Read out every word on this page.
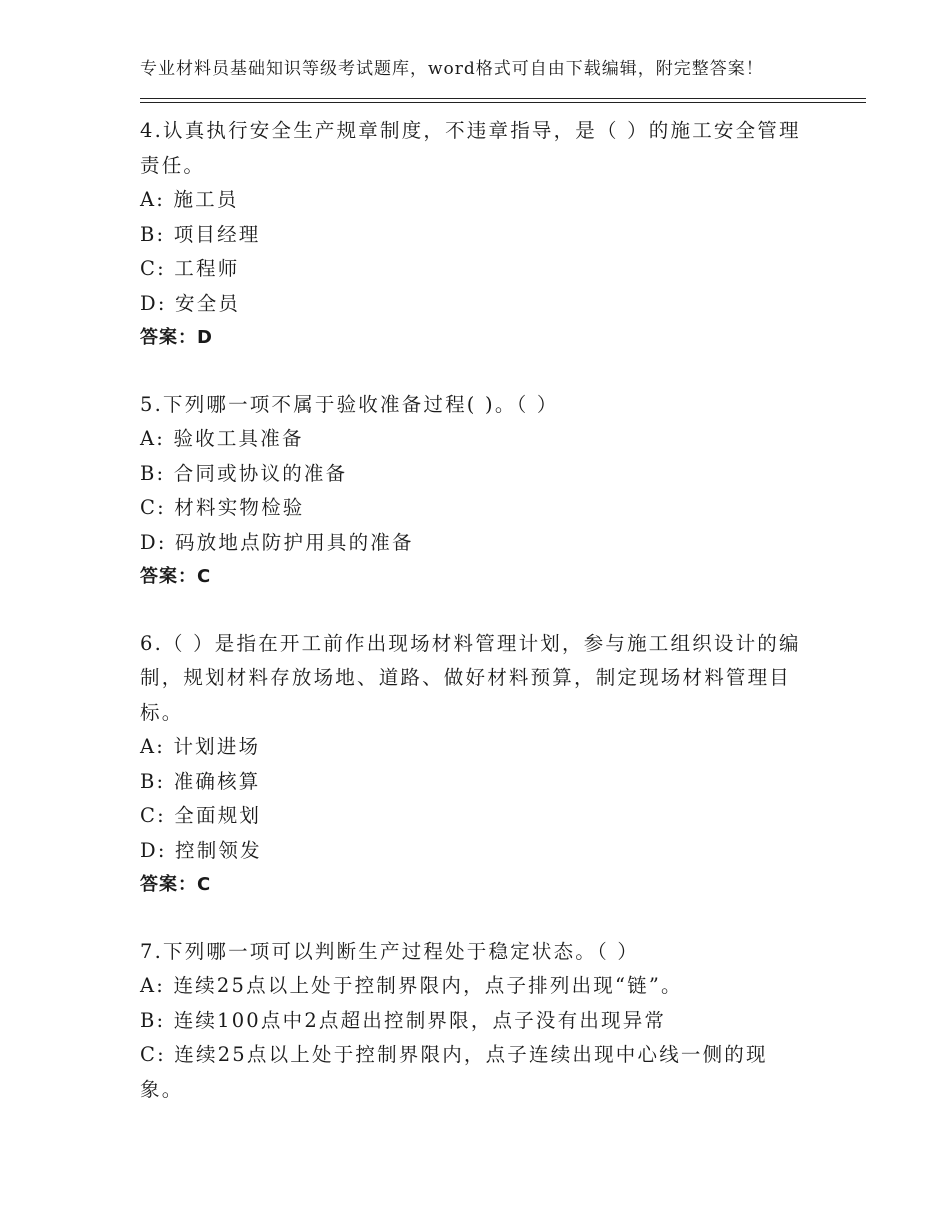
专业材料员基础知识等级考试题库，word格式可自由下载编辑，附完整答案！
4.认真执行安全生产规章制度，不违章指导，是（ ）的施工安全管理
责任。
A: 施工员
B: 项目经理
C: 工程师
D: 安全员
答案：D
5.下列哪一项不属于验收准备过程( )。（ ）
A: 验收工具准备
B: 合同或协议的准备
C: 材料实物检验
D: 码放地点防护用具的准备
答案：C
6.（ ）是指在开工前作出现场材料管理计划，参与施工组织设计的编
制，规划材料存放场地、道路、做好材料预算，制定现场材料管理目
标。
A: 计划进场
B: 准确核算
C: 全面规划
D: 控制领发
答案：C
7.下列哪一项可以判断生产过程处于稳定状态。（ ）
A: 连续25点以上处于控制界限内，点子排列出现“链”。
B: 连续100点中2点超出控制界限，点子没有出现异常
C: 连续25点以上处于控制界限内，点子连续出现中心线一侧的现
象。
